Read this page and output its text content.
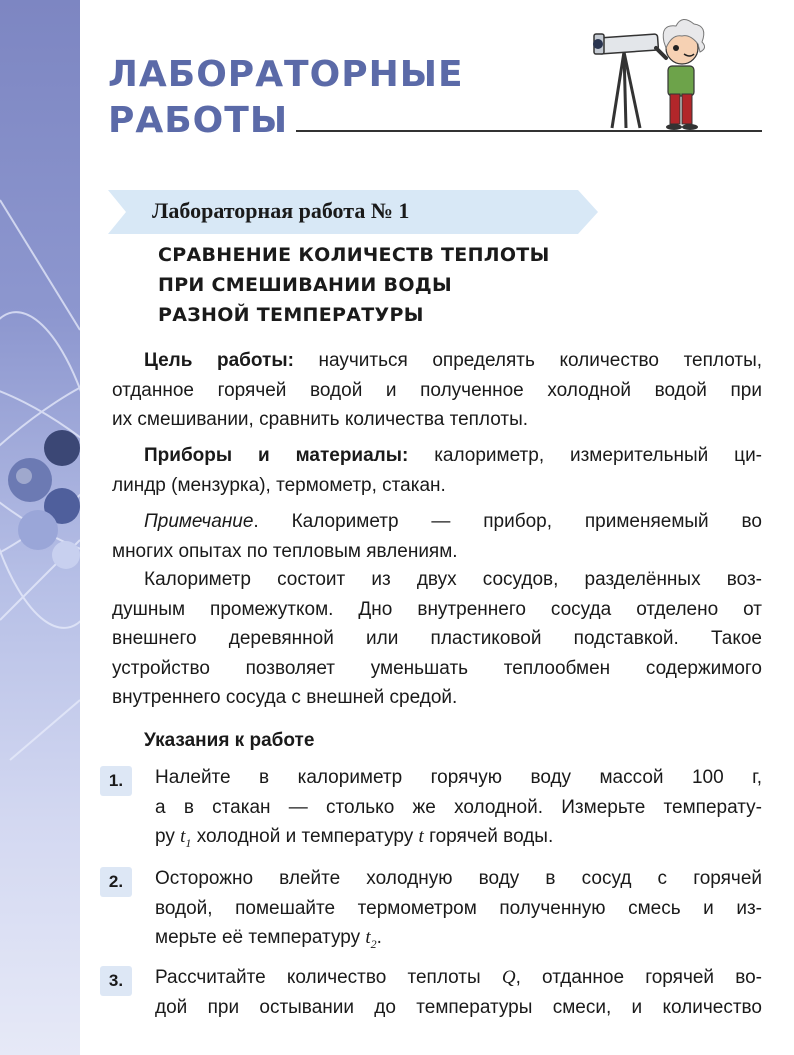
ЛАБОРАТОРНЫЕ
РАБОТЫ
Лабораторная работа № 1
СРАВНЕНИЕ КОЛИЧЕСТВ ТЕПЛОТЫ
ПРИ СМЕШИВАНИИ ВОДЫ
РАЗНОЙ ТЕМПЕРАТУРЫ

Цель работы: научиться определять количество теплоты,
отданное горячей водой и полученное холодной водой при
их смешивании, сравнить количества теплоты.

Приборы и материалы: калориметр, измерительный ци-
линдр (мензурка), термометр, стакан.

Примечание. Калориметр — прибор, применяемый во
многих опытах по тепловым явлениям.

Калориметр состоит из двух сосудов, разделённых воз-
душным промежутком. Дно внутреннего сосуда отделено от
внешнего деревянной или пластиковой подставкой. Такое
устройство позволяет уменьшать теплообмен содержимого
внутреннего сосуда с внешней средой.

Указания к работе
1.	Налейте в калориметр горячую воду массой 100 г,
а в стакан — столько же холодной. Измерьте температу-
ру $t_1$ холодной и температуру t горячей воды.

2.	Осторожно влейте холодную воду в сосуд с горячей
водой, помешайте термометром полученную смесь и из-
мерьте её температуру $t_2$.

3.	Рассчитайте количество теплоты Q, отданное горячей во-
дой при остывании до температуры смеси, и количество
